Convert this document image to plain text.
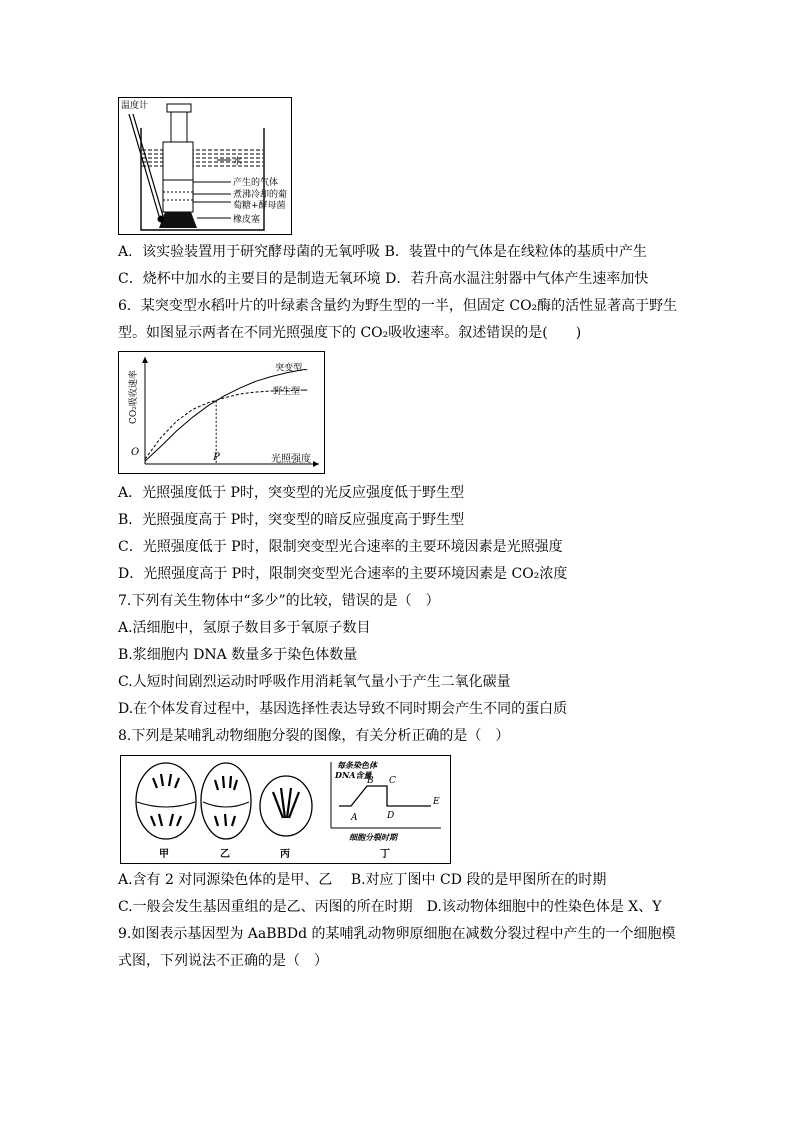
温度计
水
产生的气体
煮沸冷却的葡
萄糖+酵母菌
橡皮塞
A．该实验装置用于研究酵母菌的无氧呼吸 B．装置中的气体是在线粒体的基质中产生
C．烧杯中加水的主要目的是制造无氧环境 D．若升高水温注射器中气体产生速率加快
6．某突变型水稻叶片的叶绿素含量约为野生型的一半，但固定 CO₂酶的活性显著高于野生
型。如图显示两者在不同光照强度下的 CO₂吸收速率。叙述错误的是(　　)
O
CO₂吸收速率
光照强度
突变型
野生型
P
A．光照强度低于 P时，突变型的光反应强度低于野生型
B．光照强度高于 P时，突变型的暗反应强度高于野生型
C．光照强度低于 P时，限制突变型光合速率的主要环境因素是光照强度
D．光照强度高于 P时，限制突变型光合速率的主要环境因素是 CO₂浓度
7.下列有关生物体中“多少”的比较，错误的是（　）
A.活细胞中，氢原子数目多于氧原子数目
B.浆细胞内 DNA 数量多于染色体数量
C.人短时间剧烈运动时呼吸作用消耗氧气量小于产生二氧化碳量
D.在个体发育过程中，基因选择性表达导致不同时期会产生不同的蛋白质
8.下列是某哺乳动物细胞分裂的图像，有关分析正确的是（　）
每条染色体
DNA含量
A
B C
D
E
细胞分裂时期
甲	乙	丙	丁
A.含有 2 对同源染色体的是甲、乙　 B.对应丁图中 CD 段的是甲图所在的时期
C.一般会发生基因重组的是乙、丙图的所在时期　D.该动物体细胞中的性染色体是 X、Y
9.如图表示基因型为 AaBBDd 的某哺乳动物卵原细胞在减数分裂过程中产生的一个细胞模
式图，下列说法不正确的是（　）
